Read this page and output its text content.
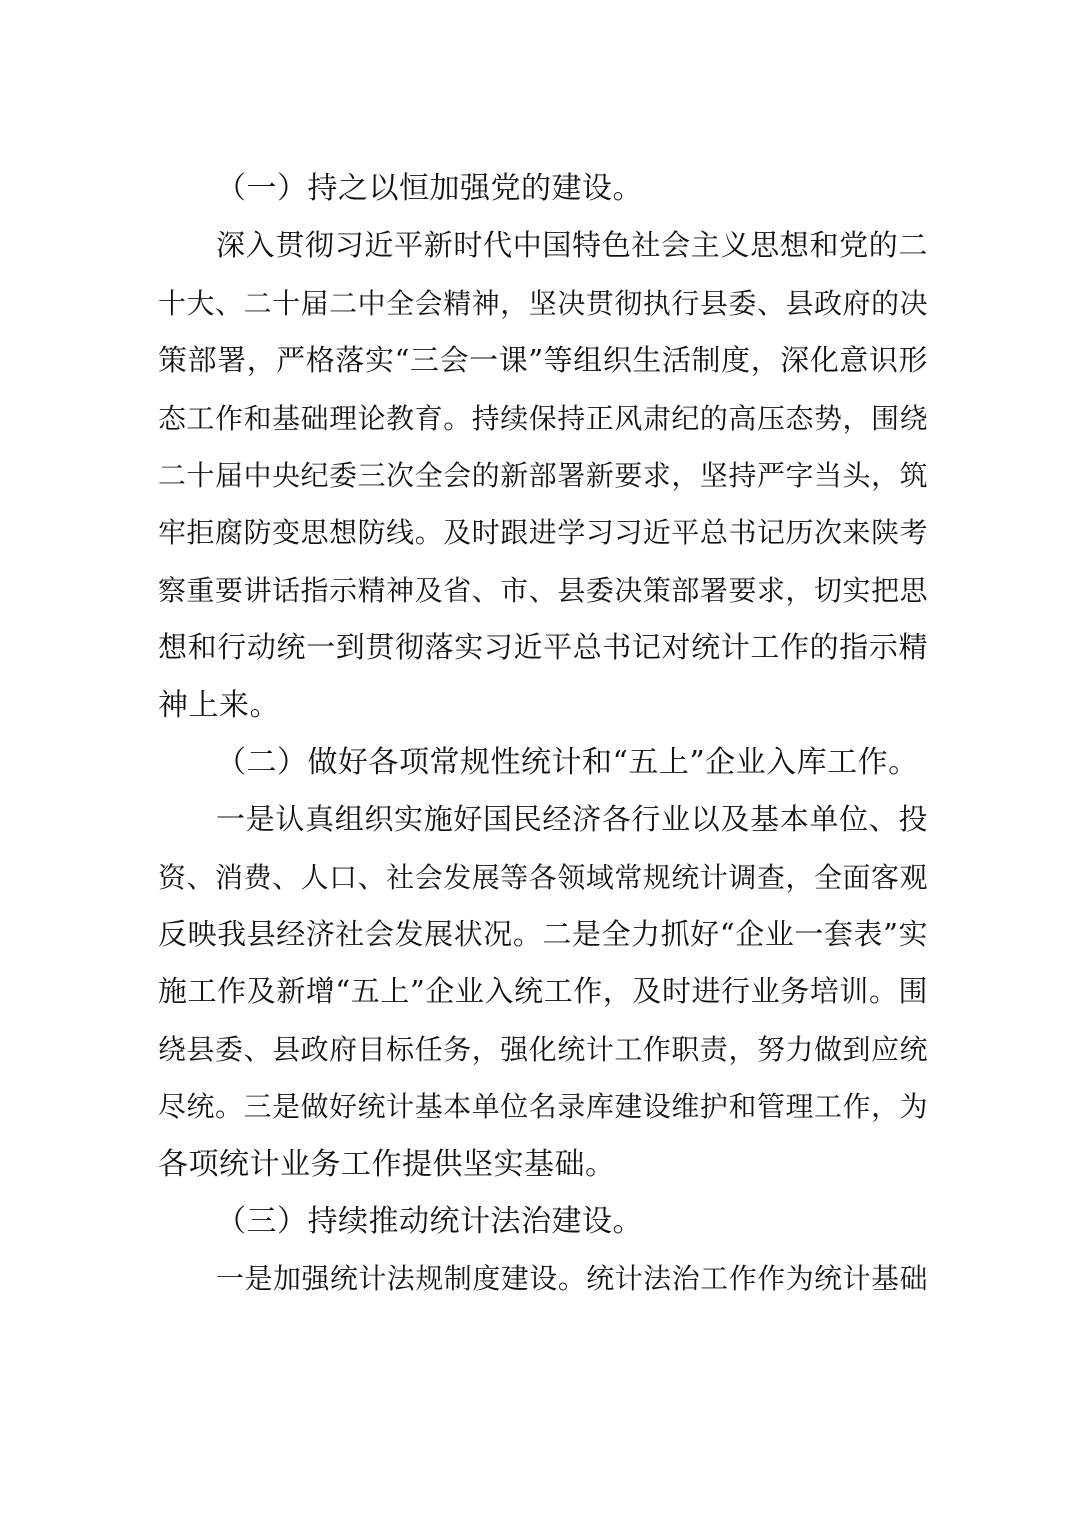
（一）持之以恒加强党的建设。
深入贯彻习近平新时代中国特色社会主义思想和党的二
十大、二十届二中全会精神，坚决贯彻执行县委、县政府的决
策部署，严格落实“三会一课”等组织生活制度，深化意识形
态工作和基础理论教育。持续保持正风肃纪的高压态势，围绕
二十届中央纪委三次全会的新部署新要求，坚持严字当头，筑
牢拒腐防变思想防线。及时跟进学习习近平总书记历次来陕考
察重要讲话指示精神及省、市、县委决策部署要求，切实把思
想和行动统一到贯彻落实习近平总书记对统计工作的指示精
神上来。
（二）做好各项常规性统计和“五上”企业入库工作。
一是认真组织实施好国民经济各行业以及基本单位、投
资、消费、人口、社会发展等各领域常规统计调查，全面客观
反映我县经济社会发展状况。二是全力抓好“企业一套表”实
施工作及新增“五上”企业入统工作，及时进行业务培训。围
绕县委、县政府目标任务，强化统计工作职责，努力做到应统
尽统。三是做好统计基本单位名录库建设维护和管理工作，为
各项统计业务工作提供坚实基础。
（三）持续推动统计法治建设。
一是加强统计法规制度建设。统计法治工作作为统计基础
